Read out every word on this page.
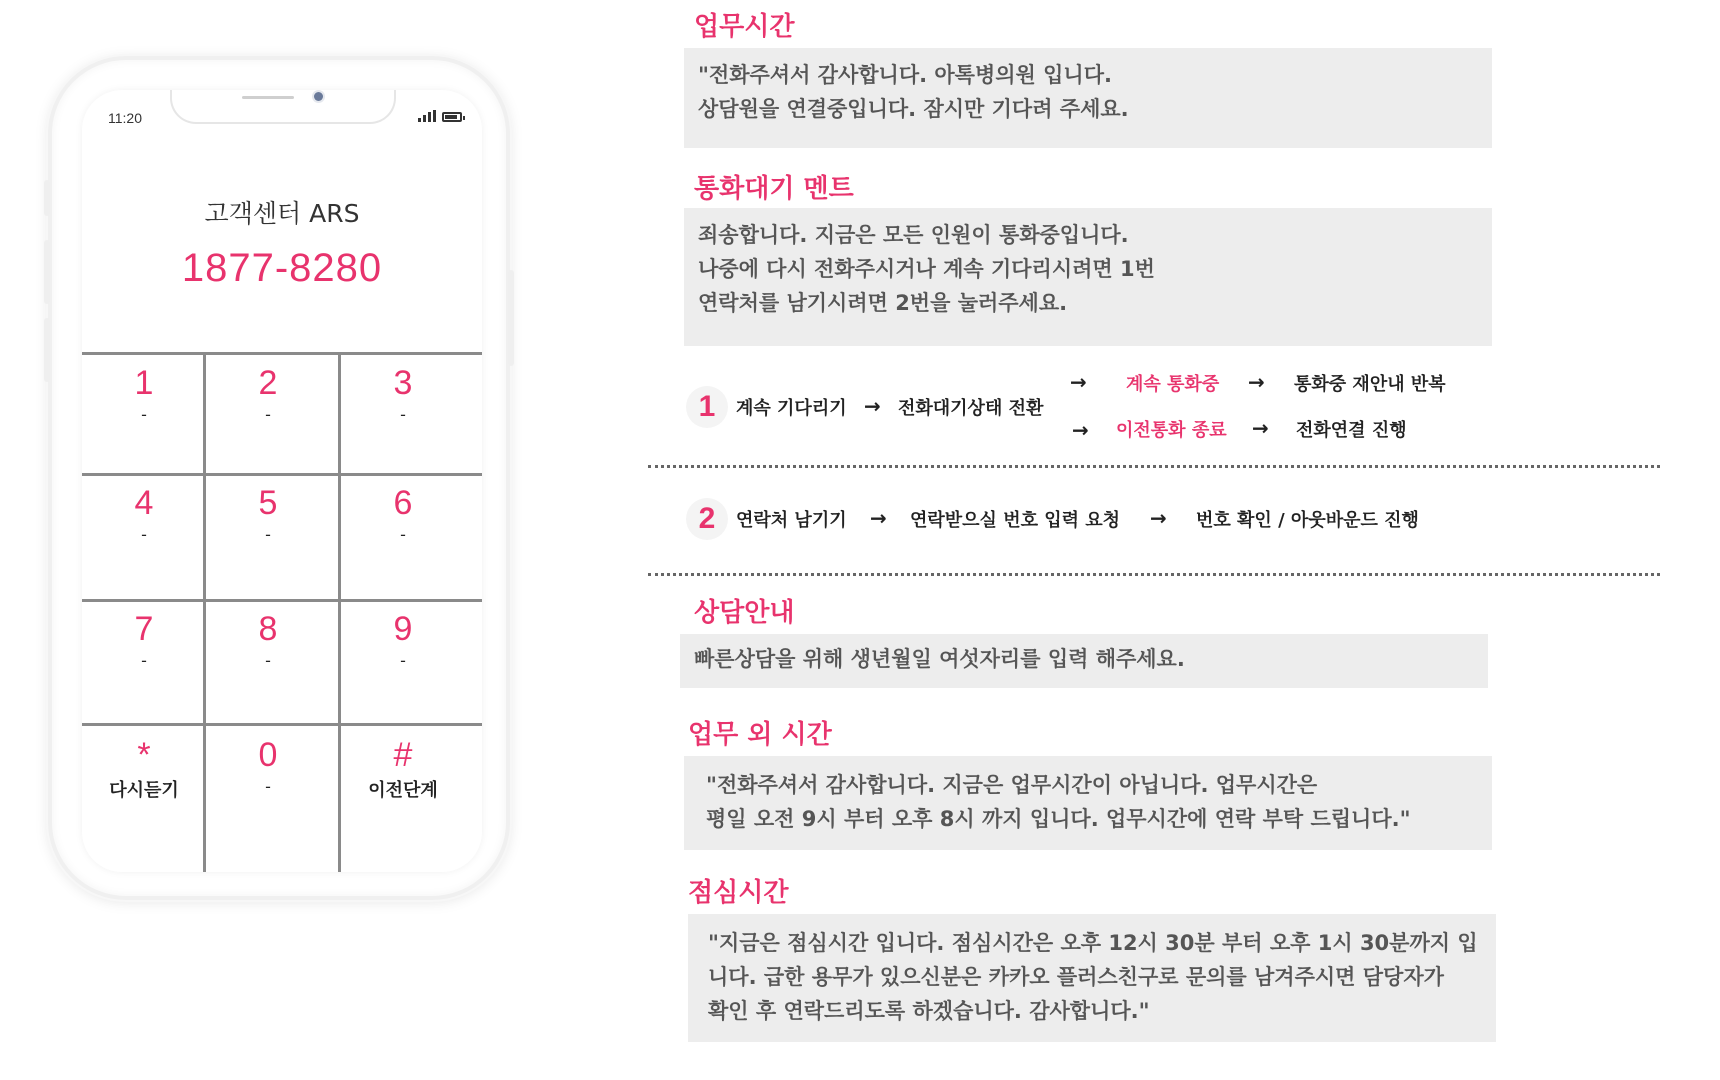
11:20
고객센터 ARS
1877-8280
1
-
2
-
3
-
4
-
5
-
6
-
7
-
8
-
9
-
*
다시듣기
0
-
#
이전단계
업무시간

"전화주셔서 감사합니다. 아톡병의원 입니다.
상담원을 연결중입니다. 잠시만 기다려 주세요.

통화대기 멘트

죄송합니다. 지금은 모든 인원이 통화중입니다.
나중에 다시 전화주시거나 계속 기다리시려면 1번
연락처를 남기시려면 2번을 눌러주세요.

1	계속 기다리기 → 전화대기상태 전환
→ 계속 통화중 → 통화중 재안내 반복
→ 이전통화 종료 → 전화연결 진행
2	연락처 남기기 → 연락받으실 번호 입력 요청 → 번호 확인 / 아웃바운드 진행
상담안내

빠른상담을 위해 생년월일 여섯자리를 입력 해주세요.

업무 외 시간

"전화주셔서 감사합니다. 지금은 업무시간이 아닙니다. 업무시간은
평일 오전 9시 부터 오후 8시 까지 입니다. 업무시간에 연락 부탁 드립니다."

점심시간

"지금은 점심시간 입니다. 점심시간은 오후 12시 30분 부터 오후 1시 30분까지 입
니다. 급한 용무가 있으신분은 카카오 플러스친구로 문의를 남겨주시면 담당자가
확인 후 연락드리도록 하겠습니다. 감사합니다."
